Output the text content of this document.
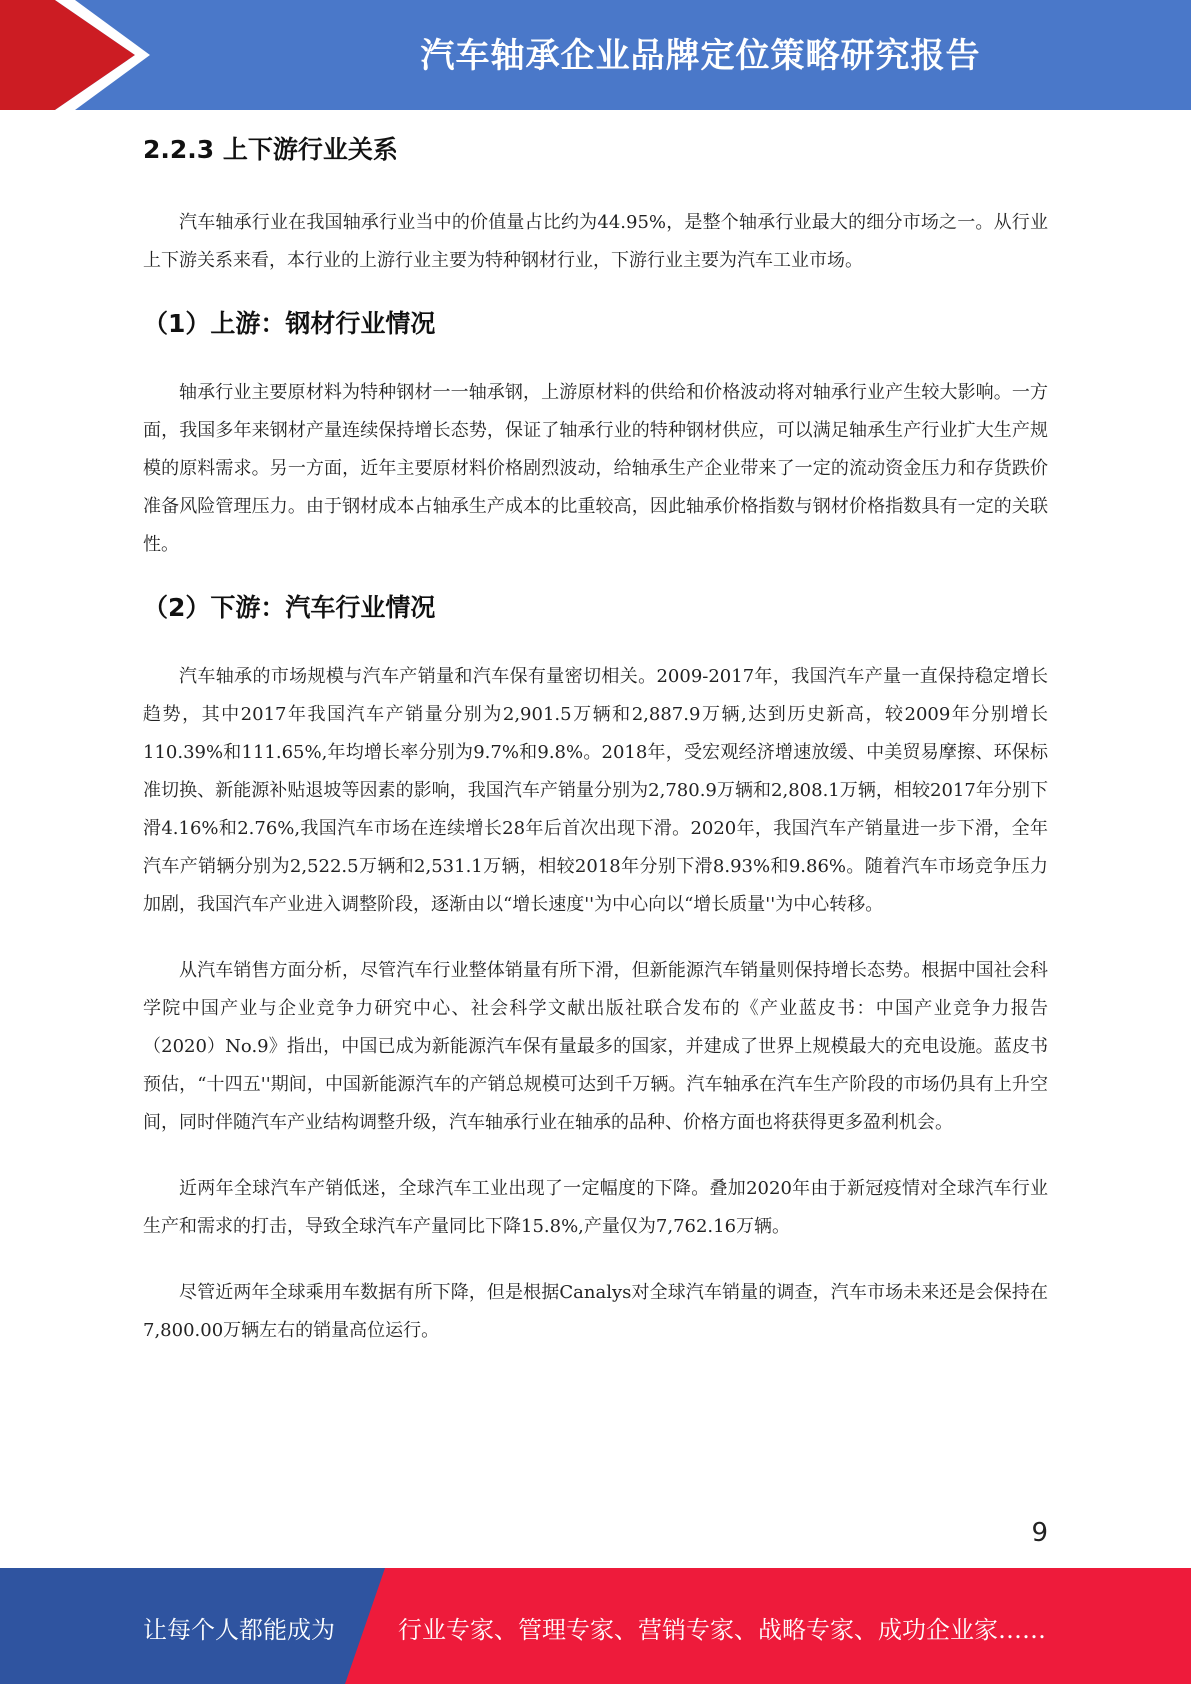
汽车轴承企业品牌定位策略研究报告
2.2.3 上下游行业关系

汽车轴承行业在我国轴承行业当中的价值量占比约为44.95%，是整个轴承行业最大的细分市场之一。从行业上下游关系来看，本行业的上游行业主要为特种钢材行业，下游行业主要为汽车工业市场。

（1）上游：钢材行业情况

轴承行业主要原材料为特种钢材一一轴承钢，上游原材料的供给和价格波动将对轴承行业产生较大影响。一方面，我国多年来钢材产量连续保持增长态势，保证了轴承行业的特种钢材供应，可以满足轴承生产行业扩大生产规模的原料需求。另一方面，近年主要原材料价格剧烈波动，给轴承生产企业带来了一定的流动资金压力和存货跌价准备风险管理压力。由于钢材成本占轴承生产成本的比重较高，因此轴承价格指数与钢材价格指数具有一定的关联性。

（2）下游：汽车行业情况

汽车轴承的市场规模与汽车产销量和汽车保有量密切相关。2009-2017年，我国汽车产量一直保持稳定增长趋势，其中2017年我国汽车产销量分别为2,901.5万辆和2,887.9万辆,达到历史新高，较2009年分别增长110.39%和111.65%,年均增长率分别为9.7%和9.8%。2018年，受宏观经济增速放缓、中美贸易摩擦、环保标准切换、新能源补贴退坡等因素的影响，我国汽车产销量分别为2,780.9万辆和2,808.1万辆，相较2017年分别下滑4.16%和2.76%,我国汽车市场在连续增长28年后首次出现下滑。2020年，我国汽车产销量进一步下滑，全年汽车产销辆分别为2,522.5万辆和2,531.1万辆，相较2018年分别下滑8.93%和9.86%。随着汽车市场竞争压力加剧，我国汽车产业进入调整阶段，逐渐由以“增长速度''为中心向以“增长质量''为中心转移。

从汽车销售方面分析，尽管汽车行业整体销量有所下滑，但新能源汽车销量则保持增长态势。根据中国社会科学院中国产业与企业竞争力研究中心、社会科学文献出版社联合发布的《产业蓝皮书：中国产业竞争力报告（2020）No.9》指出，中国已成为新能源汽车保有量最多的国家，并建成了世界上规模最大的充电设施。蓝皮书预估，“十四五''期间，中国新能源汽车的产销总规模可达到千万辆。汽车轴承在汽车生产阶段的市场仍具有上升空间，同时伴随汽车产业结构调整升级，汽车轴承行业在轴承的品种、价格方面也将获得更多盈利机会。

近两年全球汽车产销低迷，全球汽车工业出现了一定幅度的下降。叠加2020年由于新冠疫情对全球汽车行业生产和需求的打击，导致全球汽车产量同比下降15.8%,产量仅为7,762.16万辆。

尽管近两年全球乘用车数据有所下降，但是根据Canalys对全球汽车销量的调查，汽车市场未来还是会保持在7,800.00万辆左右的销量高位运行。

9
让每个人都能成为	行业专家、管理专家、营销专家、战略专家、成功企业家……
